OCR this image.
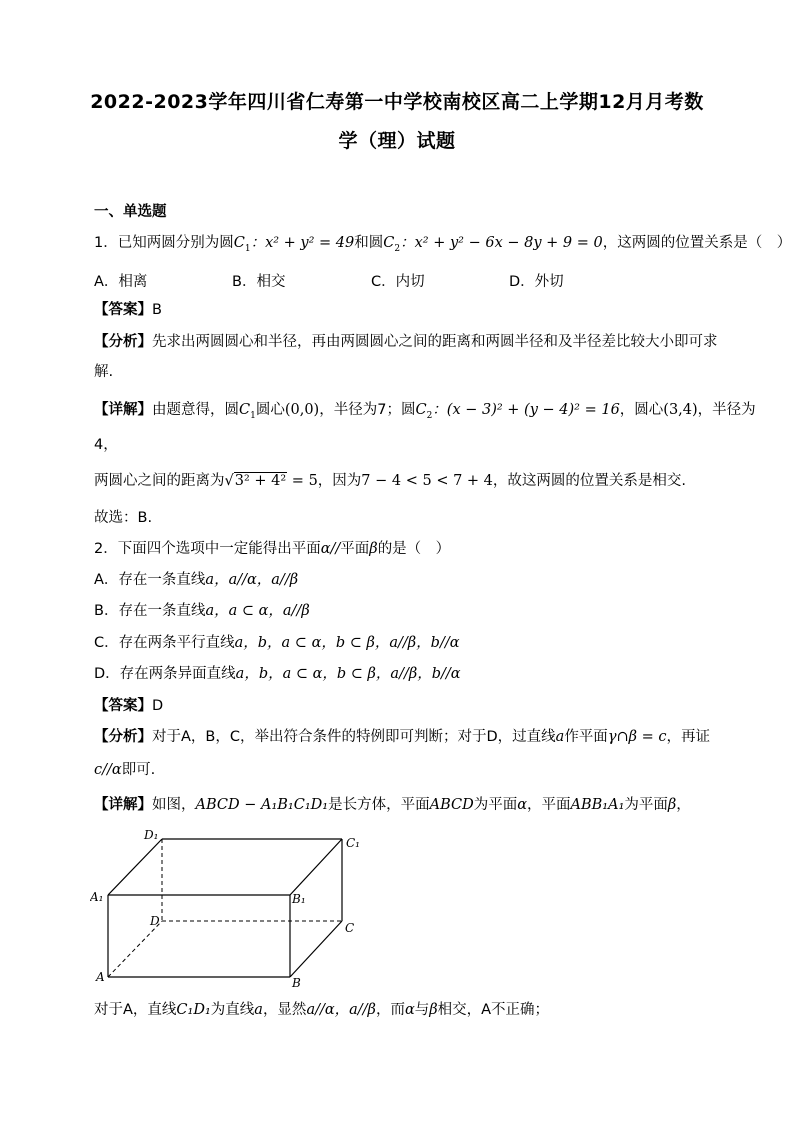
2022-2023学年四川省仁寿第一中学校南校区高二上学期12月月考数
学（理）试题
一、单选题
1．已知两圆分别为圆$C_1$：x² + y² = 49和圆$C_2$：x² + y² − 6x − 8y + 9 = 0，这两圆的位置关系是（　）
A．相离	B．相交	C．内切	D．外切
【答案】B
【分析】先求出两圆圆心和半径，再由两圆圆心之间的距离和两圆半径和及半径差比较大小即可求
解.
【详解】由题意得，圆$C_1$圆心(0,0)，半径为7；圆$C_2$：(x − 3)² + (y − 4)² = 16，圆心(3,4)，半径为
4，
两圆心之间的距离为√3² + 4² = 5，因为7 − 4 < 5 < 7 + 4，故这两圆的位置关系是相交.
故选：B.
2．下面四个选项中一定能得出平面α//平面β的是（　）
A．存在一条直线a，a//α，a//β
B．存在一条直线a，a ⊂ α，a//β
C．存在两条平行直线a，b，a ⊂ α，b ⊂ β，a//β，b//α
D．存在两条异面直线a，b，a ⊂ α，b ⊂ β，a//β，b//α
【答案】D
【分析】对于A，B，C，举出符合条件的特例即可判断；对于D，过直线a作平面γ∩β = c，再证
c//α即可.
【详解】如图，ABCD − A₁B₁C₁D₁是长方体，平面ABCD为平面α，平面ABB₁A₁为平面β，
D₁
C₁
A₁	B₁
D	C
A	B
对于A，直线C₁D₁为直线a，显然a//α，a//β，而α与β相交，A不正确；
